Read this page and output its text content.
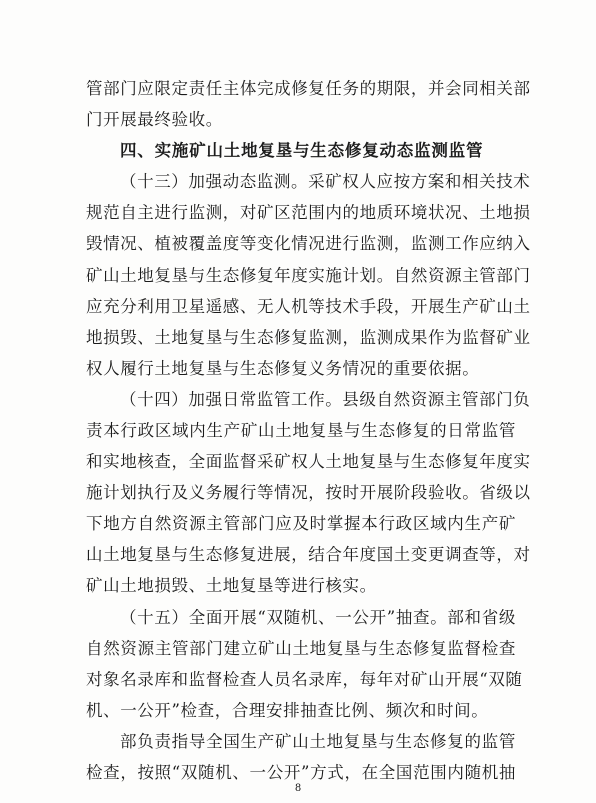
管部门应限定责任主体完成修复任务的期限，并会同相关部
门开展最终验收。
四、实施矿山土地复垦与生态修复动态监测监管
（十三）加强动态监测。采矿权人应按方案和相关技术
规范自主进行监测，对矿区范围内的地质环境状况、土地损
毁情况、植被覆盖度等变化情况进行监测，监测工作应纳入
矿山土地复垦与生态修复年度实施计划。自然资源主管部门
应充分利用卫星遥感、无人机等技术手段，开展生产矿山土
地损毁、土地复垦与生态修复监测，监测成果作为监督矿业
权人履行土地复垦与生态修复义务情况的重要依据。
（十四）加强日常监管工作。县级自然资源主管部门负
责本行政区域内生产矿山土地复垦与生态修复的日常监管
和实地核查，全面监督采矿权人土地复垦与生态修复年度实
施计划执行及义务履行等情况，按时开展阶段验收。省级以
下地方自然资源主管部门应及时掌握本行政区域内生产矿
山土地复垦与生态修复进展，结合年度国土变更调查等，对
矿山土地损毁、土地复垦等进行核实。
（十五）全面开展“双随机、一公开”抽查。部和省级
自然资源主管部门建立矿山土地复垦与生态修复监督检查
对象名录库和监督检查人员名录库，每年对矿山开展“双随
机、一公开”检查，合理安排抽查比例、频次和时间。
部负责指导全国生产矿山土地复垦与生态修复的监管
检查，按照“双随机、一公开”方式，在全国范围内随机抽
8
